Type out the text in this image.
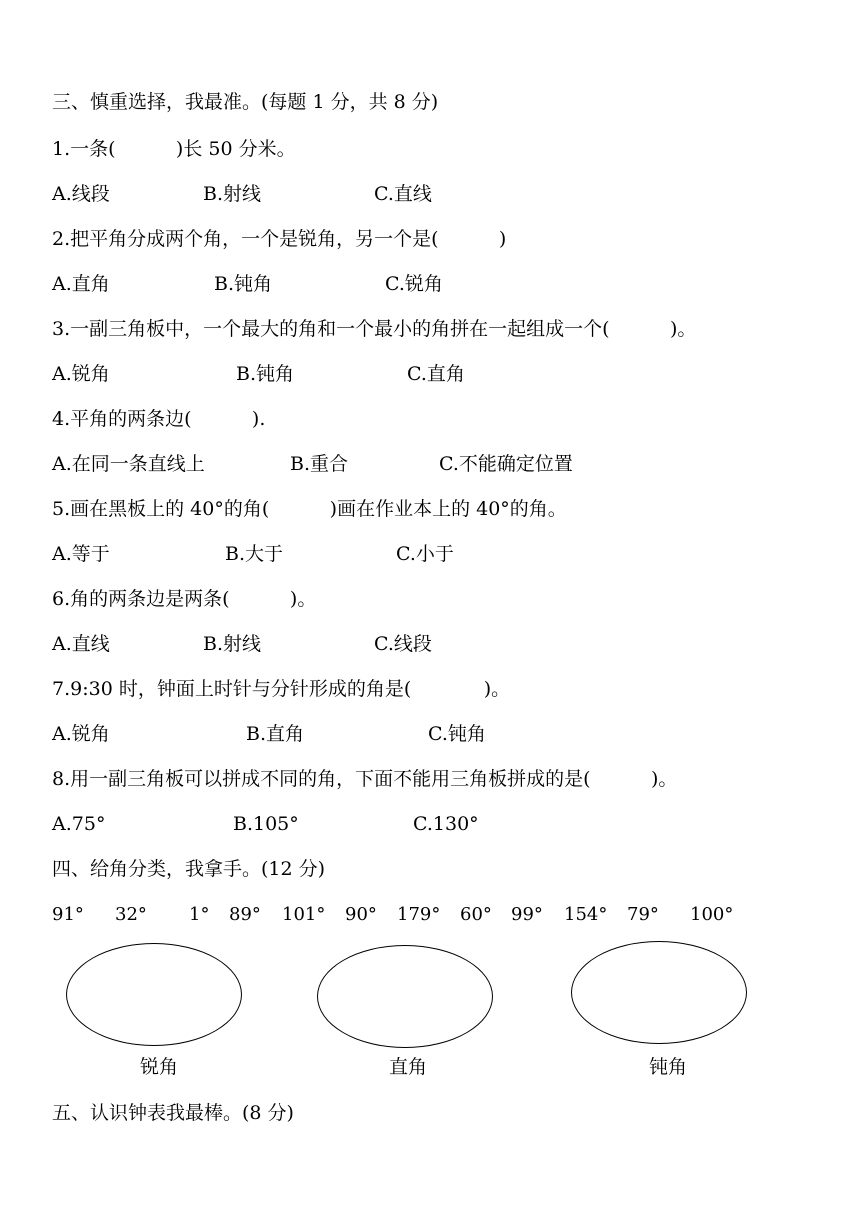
三、慎重选择，我最准。(每题 1 分，共 8 分)
1.一条(          )长 50 分米。
A.线段	B.射线	C.直线
2.把平角分成两个角，一个是锐角，另一个是(          )
A.直角	B.钝角	C.锐角
3.一副三角板中，一个最大的角和一个最小的角拼在一起组成一个(          )。
A.锐角	B.钝角	C.直角
4.平角的两条边(          ).
A.在同一条直线上	B.重合	C.不能确定位置
5.画在黑板上的 40°的角(          )画在作业本上的 40°的角。
A.等于	B.大于	C.小于
6.角的两条边是两条(          )。
A.直线	B.射线	C.线段
7.9:30 时，钟面上时针与分针形成的角是(            )。
A.锐角	B.直角	C.钝角
8.用一副三角板可以拼成不同的角，下面不能用三角板拼成的是(          )。
A.75°	B.105°	C.130°
四、给角分类，我拿手。(12 分)
91° 32° 1° 89° 101° 90° 179° 60° 99° 154° 79° 100°
锐角	直角	钝角
五、认识钟表我最棒。(8 分)
